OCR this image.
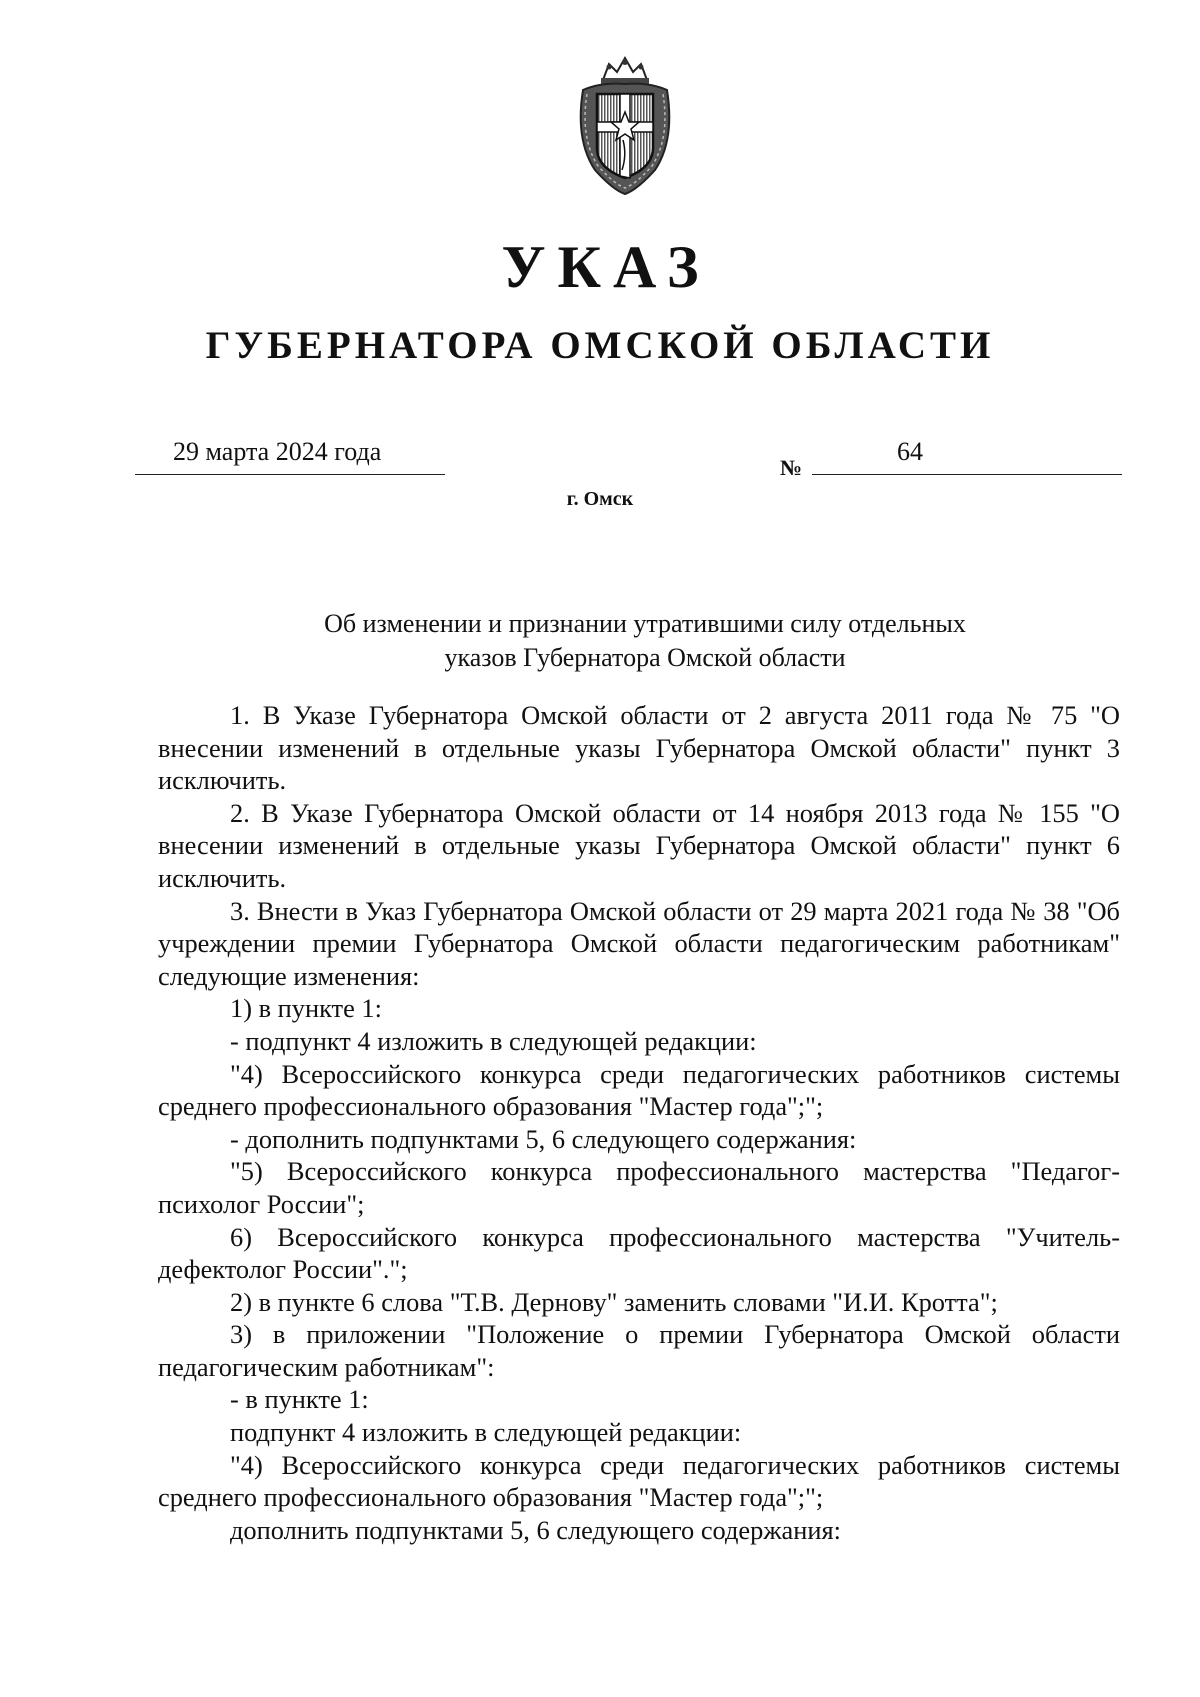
УКАЗ
ГУБЕРНАТОРА ОМСКОЙ ОБЛАСТИ
29 марта 2024 года
№
64
г. Омск
Об изменении и признании утратившими силу отдельных
указов Губернатора Омской области

1. В Указе Губернатора Омской области от 2 августа 2011 года № 75 "О внесении изменений в отдельные указы Губернатора Омской области" пункт 3 исключить.

2. В Указе Губернатора Омской области от 14 ноября 2013 года № 155 "О внесении изменений в отдельные указы Губернатора Омской области" пункт 6 исключить.

3. Внести в Указ Губернатора Омской области от 29 марта 2021 года № 38 "Об учреждении премии Губернатора Омской области педагогическим работникам" следующие изменения:

1) в пункте 1:

- подпункт 4 изложить в следующей редакции:

"4) Всероссийского конкурса среди педагогических работников системы среднего профессионального образования "Мастер года";";

- дополнить подпунктами 5, 6 следующего содержания:

"5) Всероссийского конкурса профессионального мастерства "Педагог-психолог России";

6) Всероссийского конкурса профессионального мастерства "Учитель-дефектолог России".";

2) в пункте 6 слова "Т.В. Дернову" заменить словами "И.И. Кротта";

3) в приложении "Положение о премии Губернатора Омской области педагогическим работникам":

- в пункте 1:

подпункт 4 изложить в следующей редакции:

"4) Всероссийского конкурса среди педагогических работников системы среднего профессионального образования "Мастер года";";

дополнить подпунктами 5, 6 следующего содержания:
